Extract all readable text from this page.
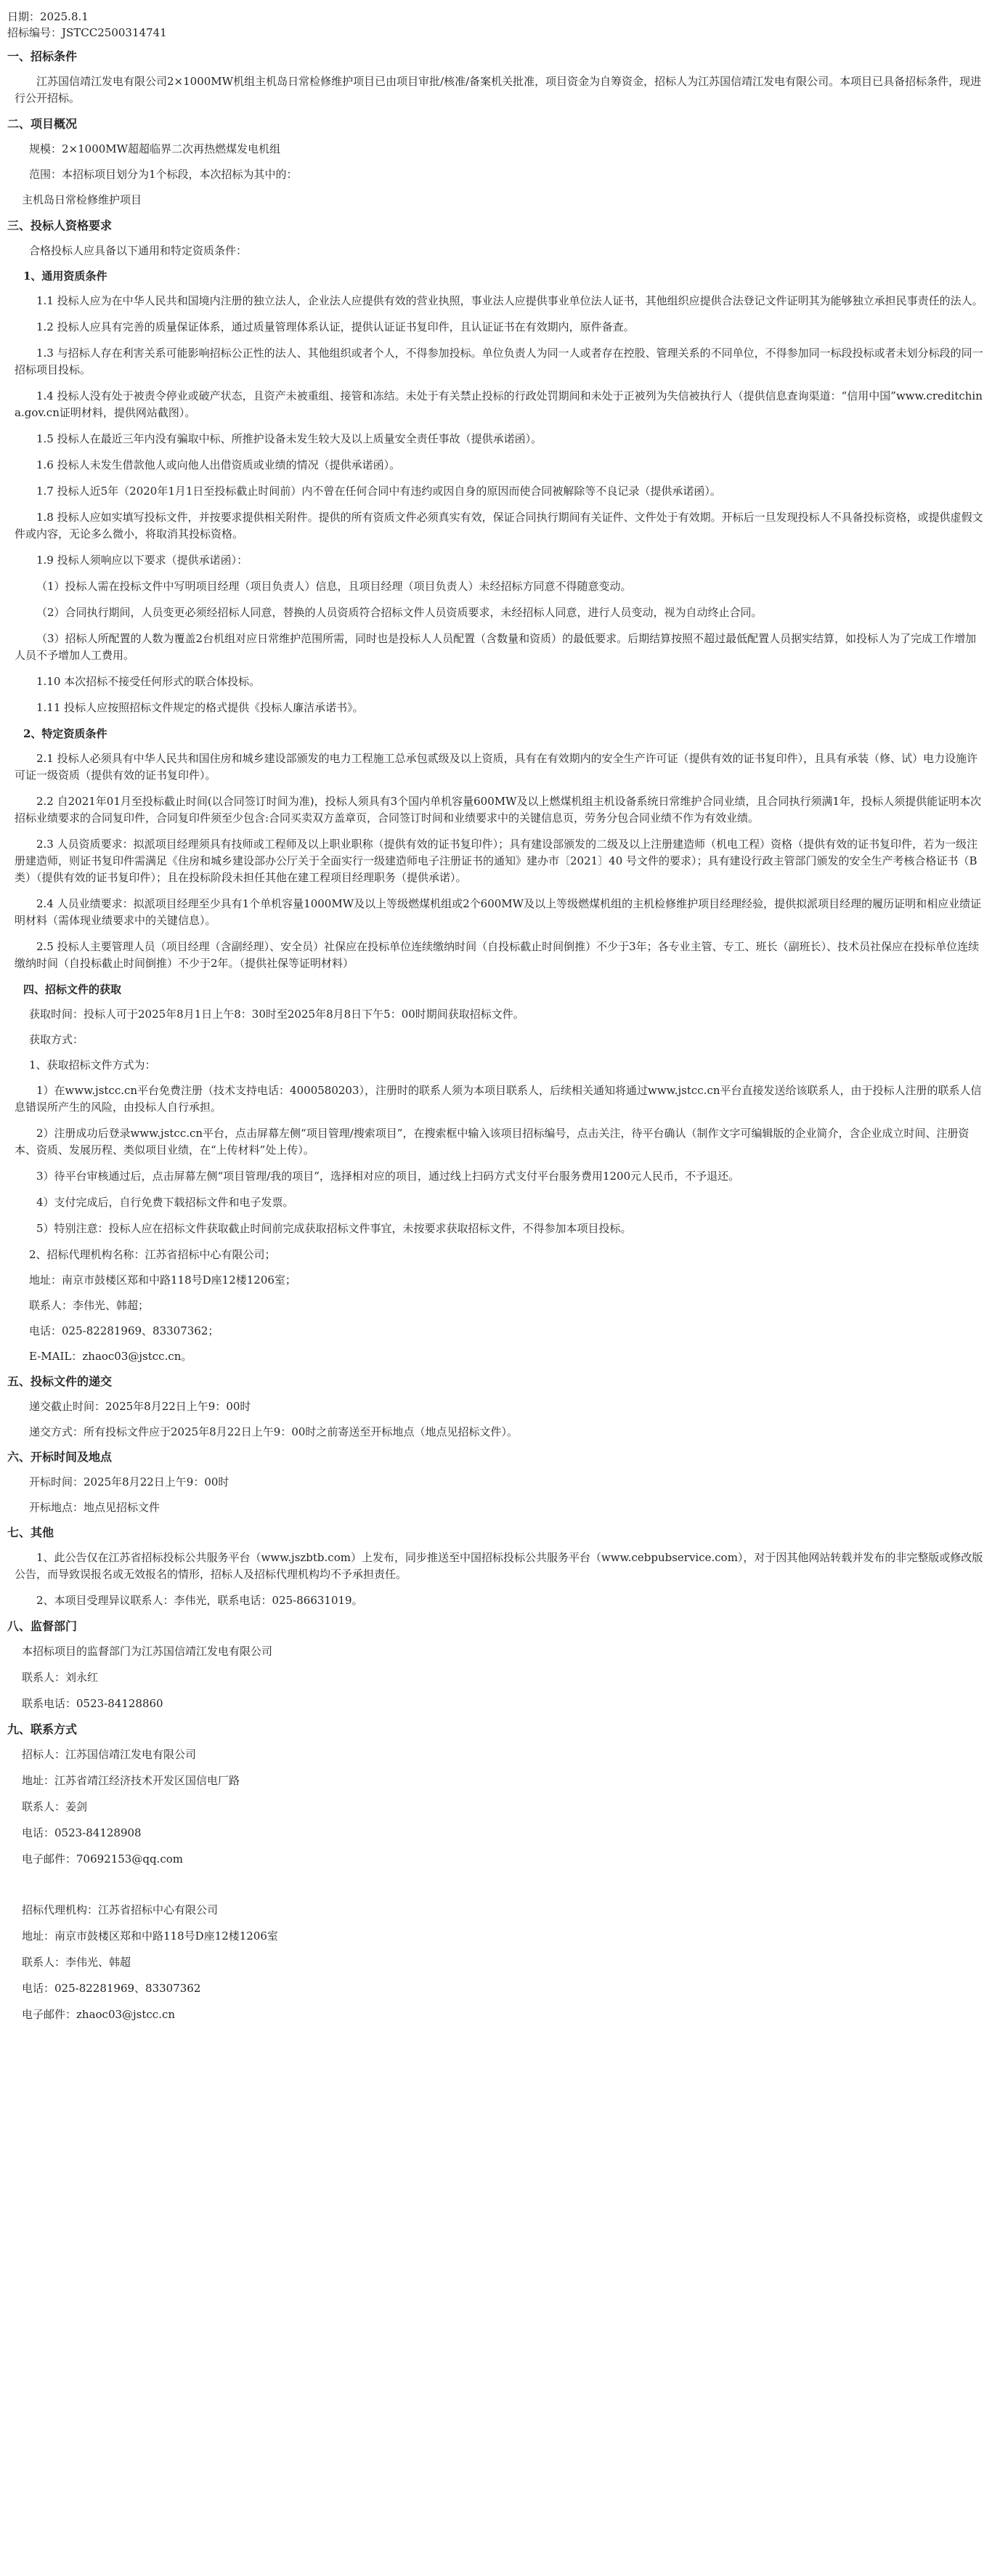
日期：2025.8.1

招标编号：JSTCC2500314741

一、招标条件

江苏国信靖江发电有限公司2×1000MW机组主机岛日常检修维护项目已由项目审批/核准/备案机关批准，项目资金为自筹资金，招标人为江苏国信靖江发电有限公司。本项目已具备招标条件，现进行公开招标。

二、项目概况

规模：2×1000MW超超临界二次再热燃煤发电机组

范围：本招标项目划分为1个标段，本次招标为其中的：

主机岛日常检修维护项目

三、投标人资格要求

合格投标人应具备以下通用和特定资质条件：

1、通用资质条件

1.1 投标人应为在中华人民共和国境内注册的独立法人，企业法人应提供有效的营业执照，事业法人应提供事业单位法人证书，其他组织应提供合法登记文件证明其为能够独立承担民事责任的法人。

1.2 投标人应具有完善的质量保证体系，通过质量管理体系认证，提供认证证书复印件，且认证证书在有效期内，原件备查。

1.3 与招标人存在利害关系可能影响招标公正性的法人、其他组织或者个人，不得参加投标。单位负责人为同一人或者存在控股、管理关系的不同单位，不得参加同一标段投标或者未划分标段的同一招标项目投标。

1.4 投标人没有处于被责令停业或破产状态，且资产未被重组、接管和冻结。未处于有关禁止投标的行政处罚期间和未处于正被列为失信被执行人（提供信息查询渠道：“信用中国”www.creditchina.gov.cn证明材料，提供网站截图）。

1.5 投标人在最近三年内没有骗取中标、所推护设备未发生较大及以上质量安全责任事故（提供承诺函）。

1.6 投标人未发生借款他人或向他人出借资质或业绩的情况（提供承诺函）。

1.7 投标人近5年（2020年1月1日至投标截止时间前）内不曾在任何合同中有违约或因自身的原因而使合同被解除等不良记录（提供承诺函）。

1.8 投标人应如实填写投标文件，并按要求提供相关附件。提供的所有资质文件必须真实有效，保证合同执行期间有关证件、文件处于有效期。开标后一旦发现投标人不具备投标资格，或提供虚假文件或内容，无论多么微小，将取消其投标资格。

1.9 投标人须响应以下要求（提供承诺函）：

（1）投标人需在投标文件中写明项目经理（项目负责人）信息，且项目经理（项目负责人）未经招标方同意不得随意变动。

（2）合同执行期间，人员变更必须经招标人同意，替换的人员资质符合招标文件人员资质要求，未经招标人同意，进行人员变动，视为自动终止合同。

（3）招标人所配置的人数为覆盖2台机组对应日常维护范围所需，同时也是投标人人员配置（含数量和资质）的最低要求。后期结算按照不超过最低配置人员据实结算，如投标人为了完成工作增加人员不予增加人工费用。

1.10 本次招标不接受任何形式的联合体投标。

1.11 投标人应按照招标文件规定的格式提供《投标人廉洁承诺书》。

2、特定资质条件

2.1 投标人必须具有中华人民共和国住房和城乡建设部颁发的电力工程施工总承包贰级及以上资质，具有在有效期内的安全生产许可证（提供有效的证书复印件），且具有承装（修、试）电力设施许可证一级资质（提供有效的证书复印件）。

2.2 自2021年01月至投标截止时间(以合同签订时间为准)，投标人须具有3个国内单机容量600MW及以上燃煤机组主机设备系统日常维护合同业绩，且合同执行须满1年，投标人须提供能证明本次招标业绩要求的合同复印件，合同复印件须至少包含:合同买卖双方盖章页，合同签订时间和业绩要求中的关键信息页，劳务分包合同业绩不作为有效业绩。

2.3 人员资质要求：拟派项目经理须具有技师或工程师及以上职业职称（提供有效的证书复印件）；具有建设部颁发的二级及以上注册建造师（机电工程）资格（提供有效的证书复印件，若为一级注册建造师，则证书复印件需满足《住房和城乡建设部办公厅关于全面实行一级建造师电子注册证书的通知》建办市〔2021〕40 号文件的要求）；具有建设行政主管部门颁发的安全生产考核合格证书（B类）（提供有效的证书复印件）；且在投标阶段未担任其他在建工程项目经理职务（提供承诺）。

2.4 人员业绩要求：拟派项目经理至少具有1个单机容量1000MW及以上等级燃煤机组或2个600MW及以上等级燃煤机组的主机检修维护项目经理经验，提供拟派项目经理的履历证明和相应业绩证明材料（需体现业绩要求中的关键信息）。

2.5 投标人主要管理人员（项目经理（含副经理）、安全员）社保应在投标单位连续缴纳时间（自投标截止时间倒推）不少于3年；各专业主管、专工、班长（副班长）、技术员社保应在投标单位连续缴纳时间（自投标截止时间倒推）不少于2年。（提供社保等证明材料）

四、招标文件的获取

获取时间：投标人可于2025年8月1日上午8：30时至2025年8月8日下午5：00时期间获取招标文件。

获取方式：

1、获取招标文件方式为：

1）在www.jstcc.cn平台免费注册（技术支持电话：4000580203），注册时的联系人须为本项目联系人，后续相关通知将通过www.jstcc.cn平台直接发送给该联系人，由于投标人注册的联系人信息错误所产生的风险，由投标人自行承担。

2）注册成功后登录www.jstcc.cn平台，点击屏幕左侧“项目管理/搜索项目”，在搜索框中输入该项目招标编号，点击关注，待平台确认（制作文字可编辑版的企业简介，含企业成立时间、注册资本、资质、发展历程、类似项目业绩，在“上传材料”处上传）。

3）待平台审核通过后，点击屏幕左侧“项目管理/我的项目”，选择相对应的项目，通过线上扫码方式支付平台服务费用1200元人民币，不予退还。

4）支付完成后，自行免费下载招标文件和电子发票。

5）特别注意：投标人应在招标文件获取截止时间前完成获取招标文件事宜，未按要求获取招标文件，不得参加本项目投标。

2、招标代理机构名称：江苏省招标中心有限公司；

地址：南京市鼓楼区郑和中路118号D座12楼1206室；

联系人：李伟光、韩超；

电话：025-82281969、83307362；

E-MAIL：zhaoc03@jstcc.cn。

五、投标文件的递交

递交截止时间：2025年8月22日上午9：00时

递交方式：所有投标文件应于2025年8月22日上午9：00时之前寄送至开标地点（地点见招标文件）。

六、开标时间及地点

开标时间：2025年8月22日上午9：00时

开标地点：地点见招标文件

七、其他

1、此公告仅在江苏省招标投标公共服务平台（www.jszbtb.com）上发布，同步推送至中国招标投标公共服务平台（www.cebpubservice.com），对于因其他网站转载并发布的非完整版或修改版公告，而导致误报名或无效报名的情形，招标人及招标代理机构均不予承担责任。

2、本项目受理异议联系人：李伟光，联系电话：025-86631019。

八、监督部门

本招标项目的监督部门为江苏国信靖江发电有限公司

联系人：刘永红

联系电话：0523-84128860

九、联系方式

招标人：江苏国信靖江发电有限公司

地址：江苏省靖江经济技术开发区国信电厂路

联系人：姜剑

电话：0523-84128908

电子邮件：70692153@qq.com

招标代理机构：江苏省招标中心有限公司

地址：南京市鼓楼区郑和中路118号D座12楼1206室

联系人：李伟光、韩超

电话：025-82281969、83307362

电子邮件：zhaoc03@jstcc.cn
